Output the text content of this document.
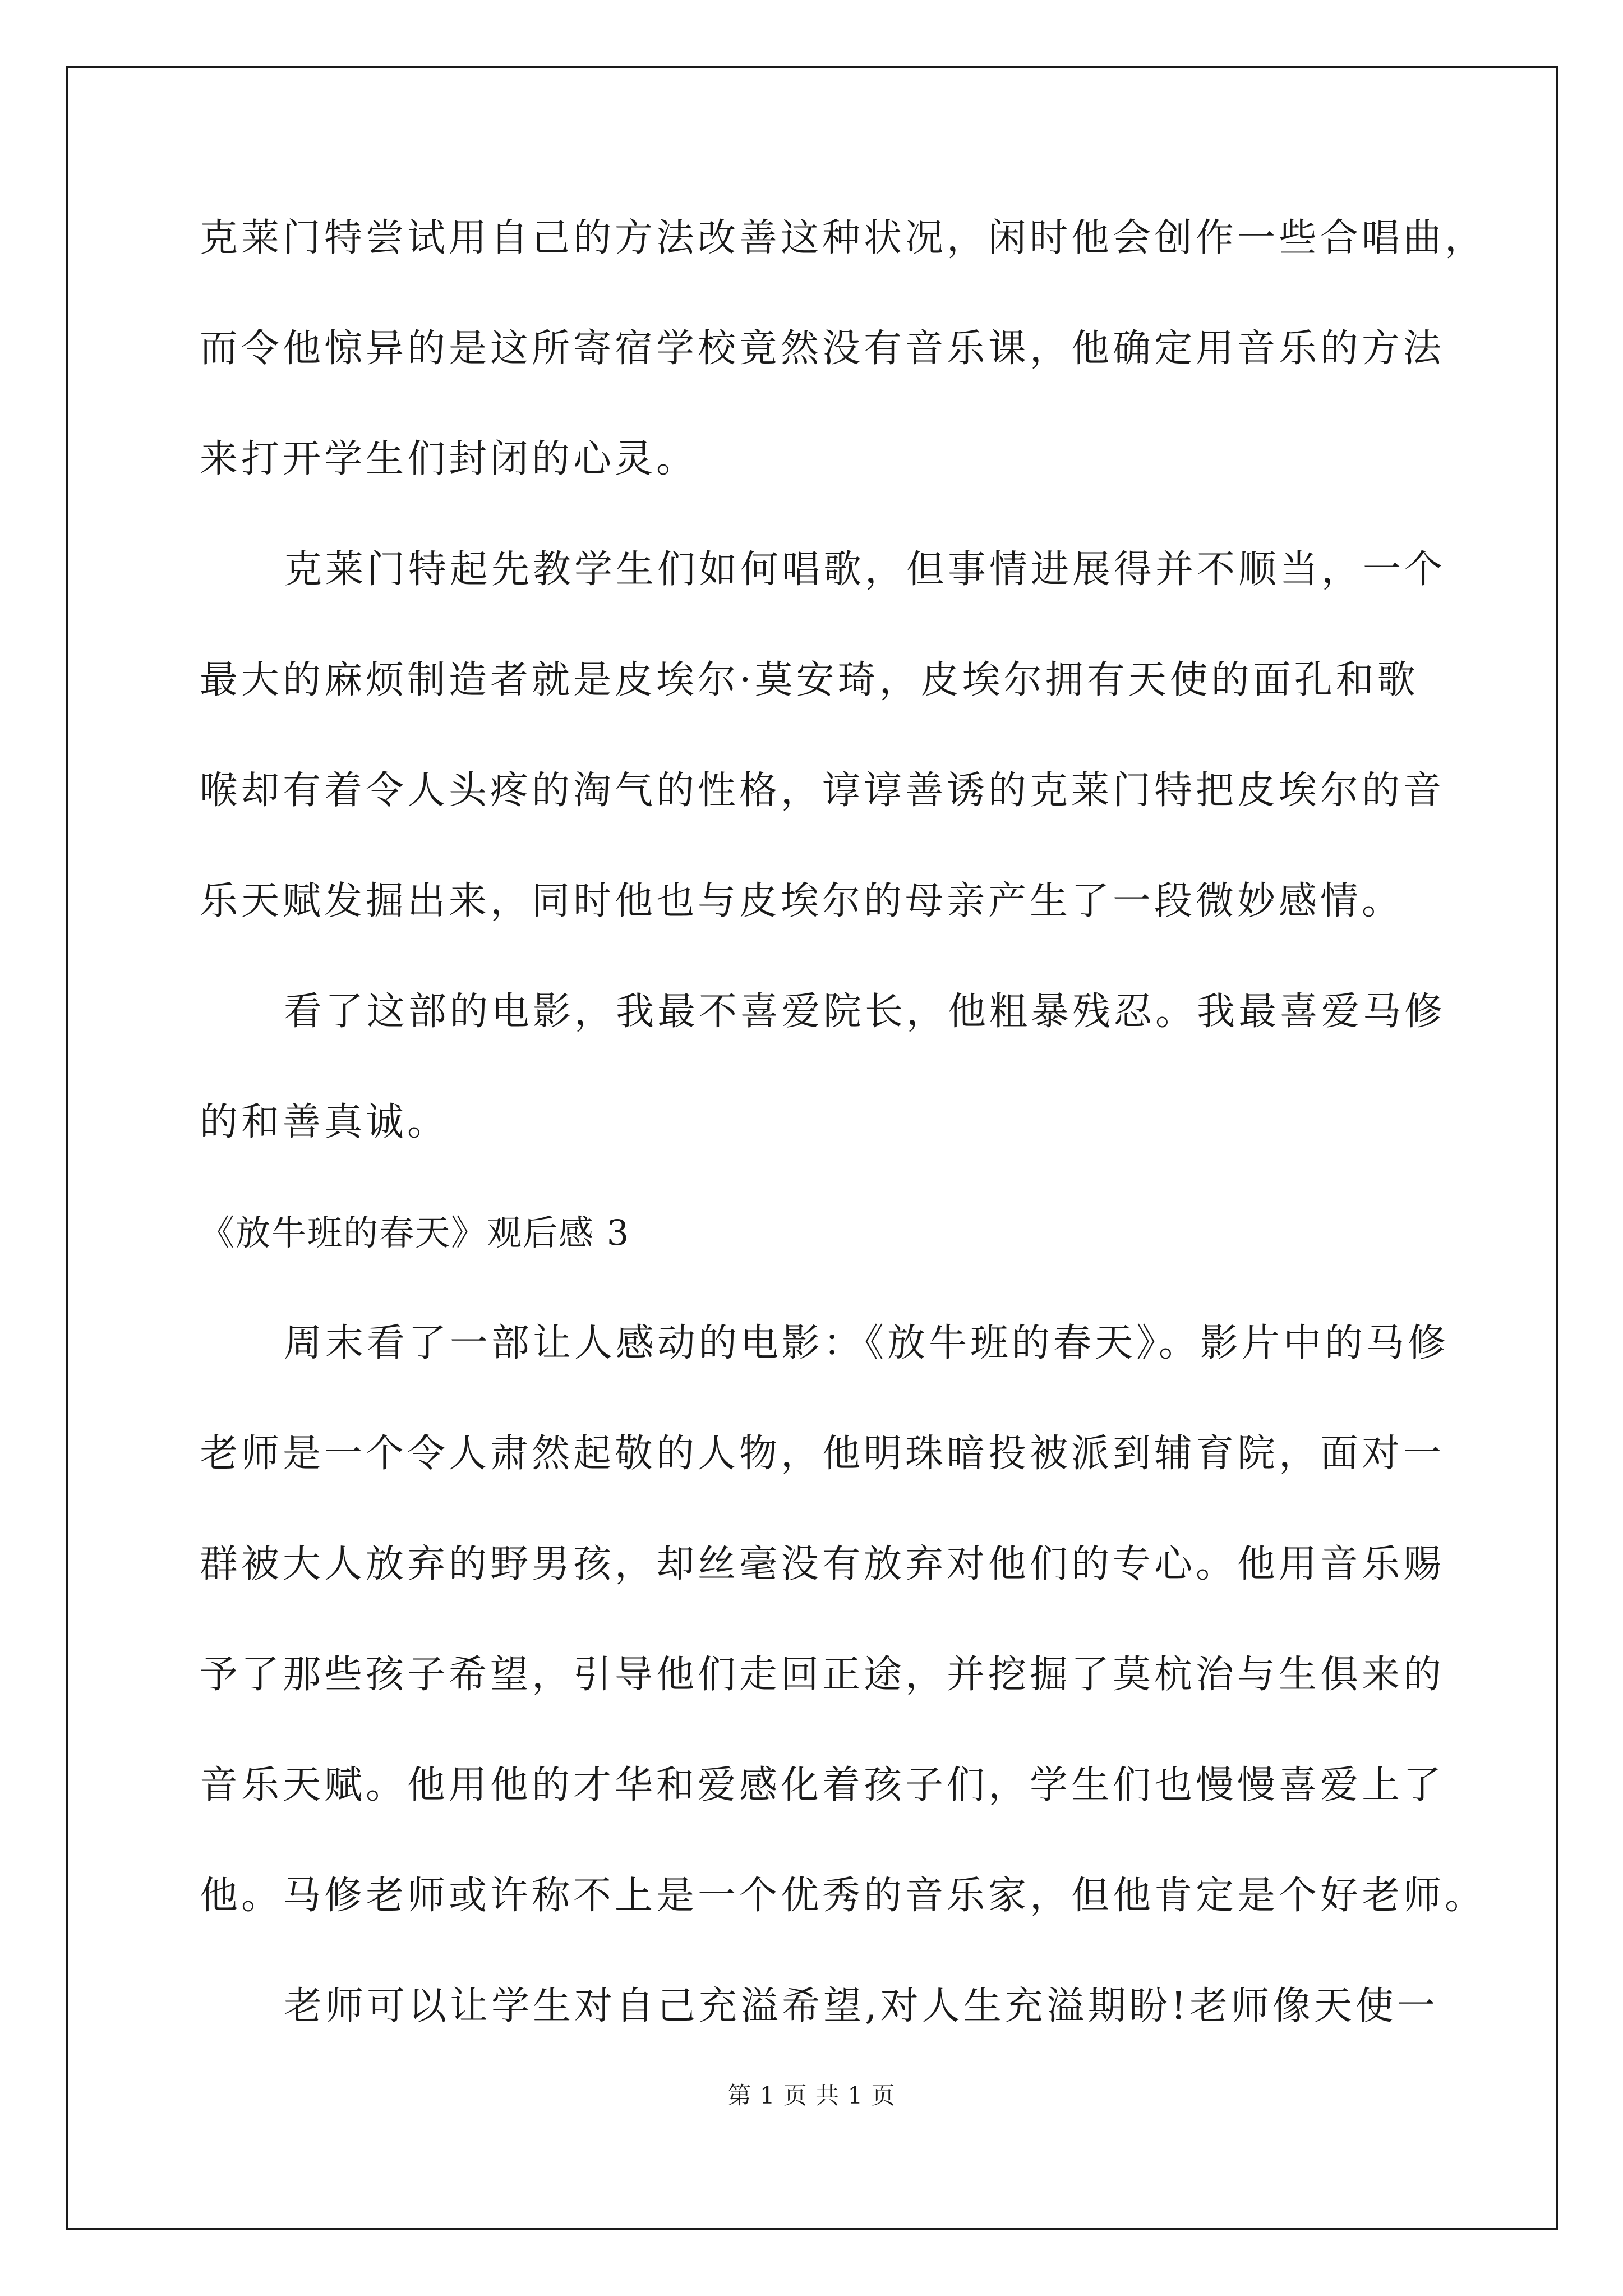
克莱门特尝试用自己的方法改善这种状况，闲时他会创作一些合唱曲，
而令他惊异的是这所寄宿学校竟然没有音乐课，他确定用音乐的方法
来打开学生们封闭的心灵。
克莱门特起先教学生们如何唱歌，但事情进展得并不顺当，一个
最大的麻烦制造者就是皮埃尔·莫安琦，皮埃尔拥有天使的面孔和歌
喉却有着令人头疼的淘气的性格，谆谆善诱的克莱门特把皮埃尔的音
乐天赋发掘出来，同时他也与皮埃尔的母亲产生了一段微妙感情。
看了这部的电影，我最不喜爱院长，他粗暴残忍。我最喜爱马修
的和善真诚。
《放牛班的春天》观后感 3
周末看了一部让人感动的电影：《放牛班的春天》。影片中的马修
老师是一个令人肃然起敬的人物，他明珠暗投被派到辅育院，面对一
群被大人放弃的野男孩，却丝毫没有放弃对他们的专心。他用音乐赐
予了那些孩子希望，引导他们走回正途，并挖掘了莫杭治与生俱来的
音乐天赋。他用他的才华和爱感化着孩子们，学生们也慢慢喜爱上了
他。马修老师或许称不上是一个优秀的音乐家，但他肯定是个好老师。
老师可以让学生对自己充溢希望,对人生充溢期盼!老师像天使一
第 1 页 共 1 页
